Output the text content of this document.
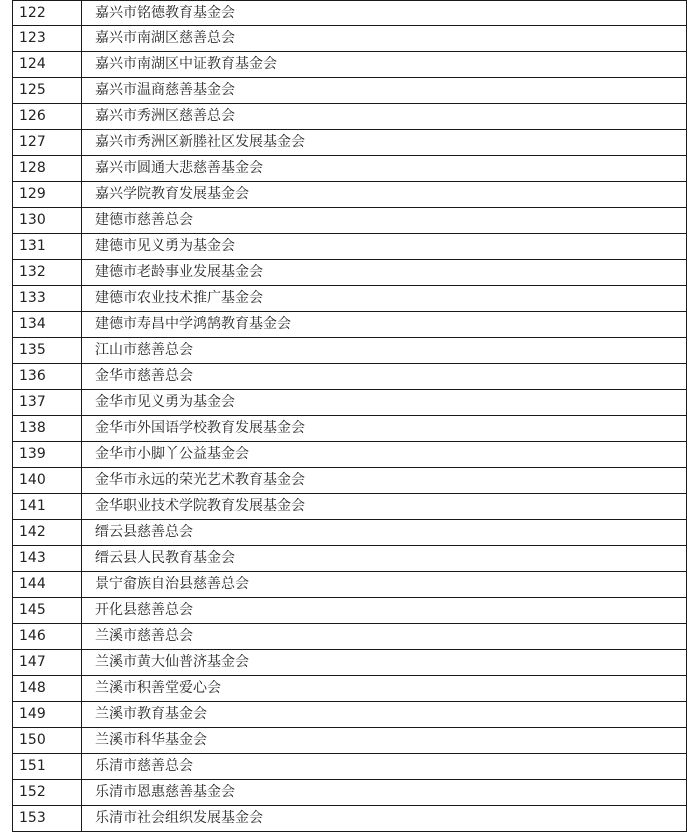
122	嘉兴市铭德教育基金会
123	嘉兴市南湖区慈善总会
124	嘉兴市南湖区中证教育基金会
125	嘉兴市温商慈善基金会
126	嘉兴市秀洲区慈善总会
127	嘉兴市秀洲区新塍社区发展基金会
128	嘉兴市圆通大悲慈善基金会
129	嘉兴学院教育发展基金会
130	建德市慈善总会
131	建德市见义勇为基金会
132	建德市老龄事业发展基金会
133	建德市农业技术推广基金会
134	建德市寿昌中学鸿鹄教育基金会
135	江山市慈善总会
136	金华市慈善总会
137	金华市见义勇为基金会
138	金华市外国语学校教育发展基金会
139	金华市小脚丫公益基金会
140	金华市永远的荣光艺术教育基金会
141	金华职业技术学院教育发展基金会
142	缙云县慈善总会
143	缙云县人民教育基金会
144	景宁畲族自治县慈善总会
145	开化县慈善总会
146	兰溪市慈善总会
147	兰溪市黄大仙普济基金会
148	兰溪市积善堂爱心会
149	兰溪市教育基金会
150	兰溪市科华基金会
151	乐清市慈善总会
152	乐清市恩惠慈善基金会
153	乐清市社会组织发展基金会
